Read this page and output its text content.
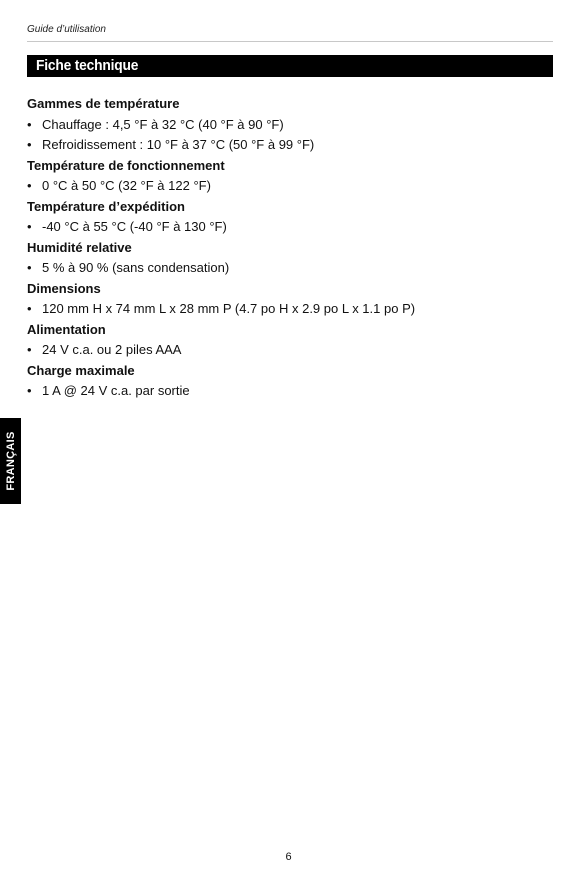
Guide d’utilisation
Fiche technique
Gammes de température
• Chauffage : 4,5 °F à 32 °C (40 °F à 90 °F)
• Refroidissement : 10 °F à 37 °C (50 °F à 99 °F)
Température de fonctionnement
• 0 °C à 50 °C (32 °F à 122 °F)
Température d’expédition
• -40 °C à 55 °C (-40 °F à 130 °F)
Humidité relative
• 5 % à 90 % (sans condensation)
Dimensions
• 120 mm H x 74 mm L x 28 mm P (4.7 po H x 2.9 po L x 1.1 po P)
Alimentation
• 24 V c.a. ou 2 piles AAA
Charge maximale
• 1 A @ 24 V c.a. par sortie
FRANÇAIS
6
